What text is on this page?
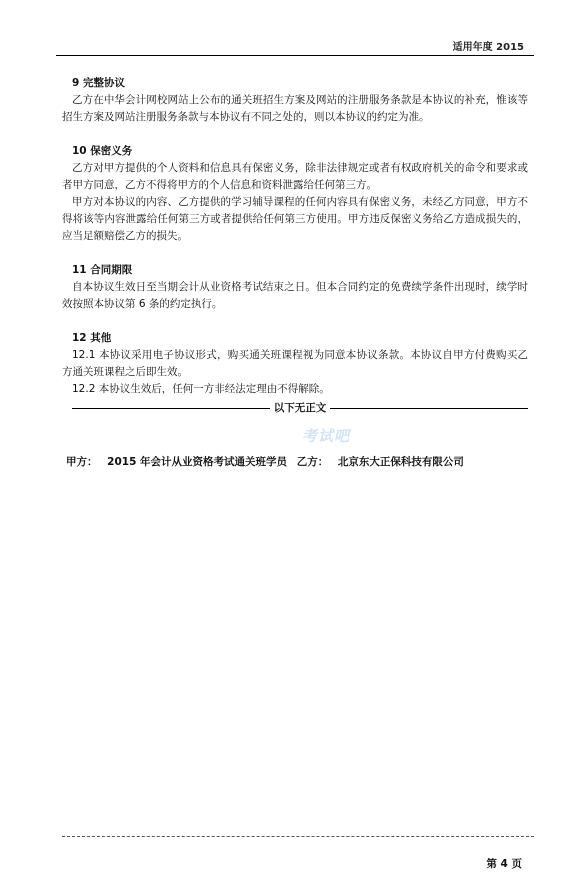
适用年度 2015
9 完整协议

乙方在中华会计网校网站上公布的通关班招生方案及网站的注册服务条款是本协议的补充，惟该等招生方案及网站注册服务条款与本协议有不同之处的，则以本协议的约定为准。

10 保密义务

乙方对甲方提供的个人资料和信息具有保密义务，除非法律规定或者有权政府机关的命令和要求或者甲方同意，乙方不得将甲方的个人信息和资料泄露给任何第三方。

甲方对本协议的内容、乙方提供的学习辅导课程的任何内容具有保密义务，未经乙方同意，甲方不得将该等内容泄露给任何第三方或者提供给任何第三方使用。甲方违反保密义务给乙方造成损失的，应当足额赔偿乙方的损失。

11 合同期限

自本协议生效日至当期会计从业资格考试结束之日。但本合同约定的免费续学条件出现时，续学时效按照本协议第 6 条的约定执行。

12 其他

12.1 本协议采用电子协议形式，购买通关班课程视为同意本协议条款。本协议自甲方付费购买乙方通关班课程之后即生效。

12.2 本协议生效后，任何一方非经法定理由不得解除。

以下无正文
考试吧
甲方： 2015 年会计从业资格考试通关班学员 乙方： 北京东大正保科技有限公司
第 4 页
